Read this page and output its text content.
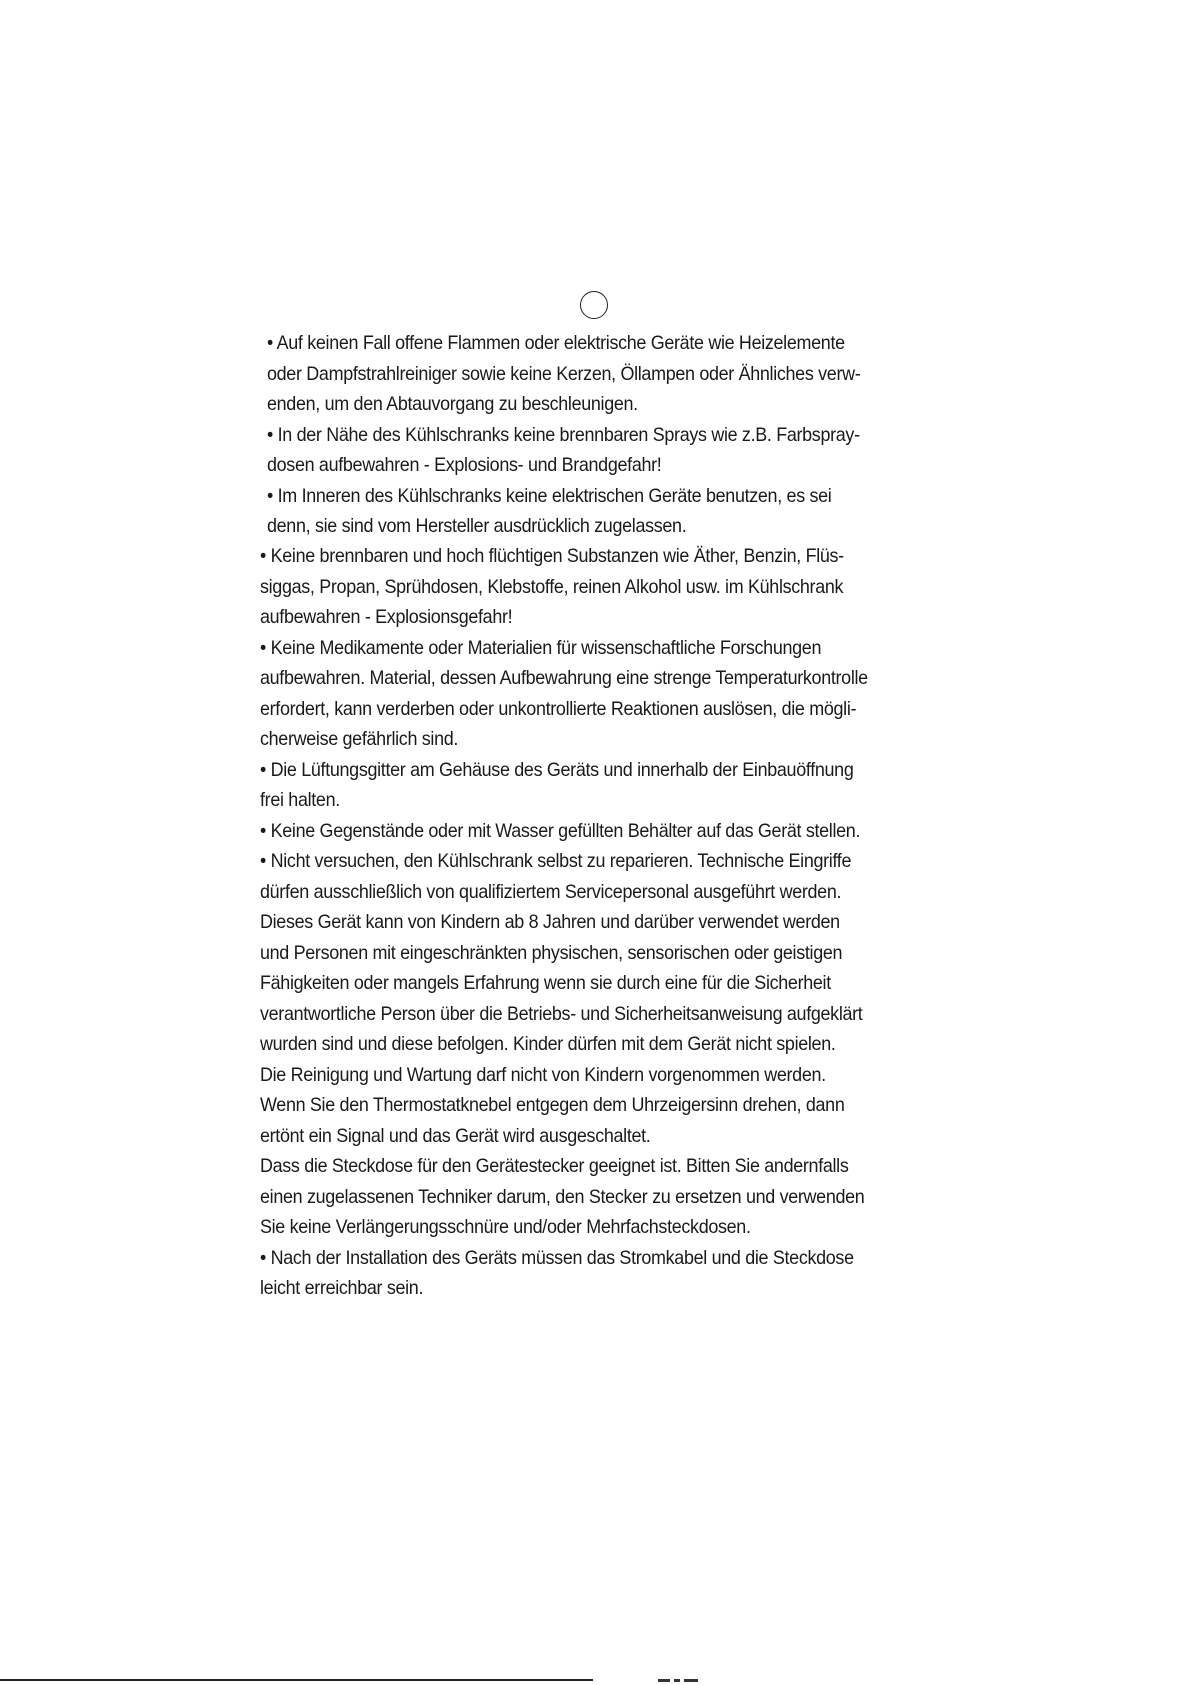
• Auf keinen Fall offene Flammen oder elektrische Geräte wie Heizelemente
oder Dampfstrahlreiniger sowie keine Kerzen, Öllampen oder Ähnliches verw-
enden, um den Abtauvorgang zu beschleunigen.
• In der Nähe des Kühlschranks keine brennbaren Sprays wie z.B. Farbspray-
dosen aufbewahren - Explosions- und Brandgefahr!
• Im Inneren des Kühlschranks keine elektrischen Geräte benutzen, es sei
denn, sie sind vom Hersteller ausdrücklich zugelassen.
• Keine brennbaren und hoch flüchtigen Substanzen wie Äther, Benzin, Flüs-
siggas, Propan, Sprühdosen, Klebstoffe, reinen Alkohol usw. im Kühlschrank
aufbewahren - Explosionsgefahr!
• Keine Medikamente oder Materialien für wissenschaftliche Forschungen
aufbewahren. Material, dessen Aufbewahrung eine strenge Temperaturkontrolle
erfordert, kann verderben oder unkontrollierte Reaktionen auslösen, die mögli-
cherweise gefährlich sind.
• Die Lüftungsgitter am Gehäuse des Geräts und innerhalb der Einbauöffnung
frei halten.
• Keine Gegenstände oder mit Wasser gefüllten Behälter auf das Gerät stellen.
• Nicht versuchen, den Kühlschrank selbst zu reparieren. Technische Eingriffe
dürfen ausschließlich von qualifiziertem Servicepersonal ausgeführt werden.
Dieses Gerät kann von Kindern ab 8 Jahren und darüber verwendet werden
und Personen mit eingeschränkten physischen, sensorischen oder geistigen
Fähigkeiten oder mangels Erfahrung wenn sie durch eine für die Sicherheit
verantwortliche Person über die Betriebs- und Sicherheitsanweisung aufgeklärt
wurden sind und diese befolgen. Kinder dürfen mit dem Gerät nicht spielen.
Die Reinigung und Wartung darf nicht von Kindern vorgenommen werden.
Wenn Sie den Thermostatknebel entgegen dem Uhrzeigersinn drehen, dann
ertönt ein Signal und das Gerät wird ausgeschaltet.
Dass die Steckdose für den Gerätestecker geeignet ist. Bitten Sie andernfalls
einen zugelassenen Techniker darum, den Stecker zu ersetzen und verwenden
Sie keine Verlängerungsschnüre und/oder Mehrfachsteckdosen.
• Nach der Installation des Geräts müssen das Stromkabel und die Steckdose
leicht erreichbar sein.
